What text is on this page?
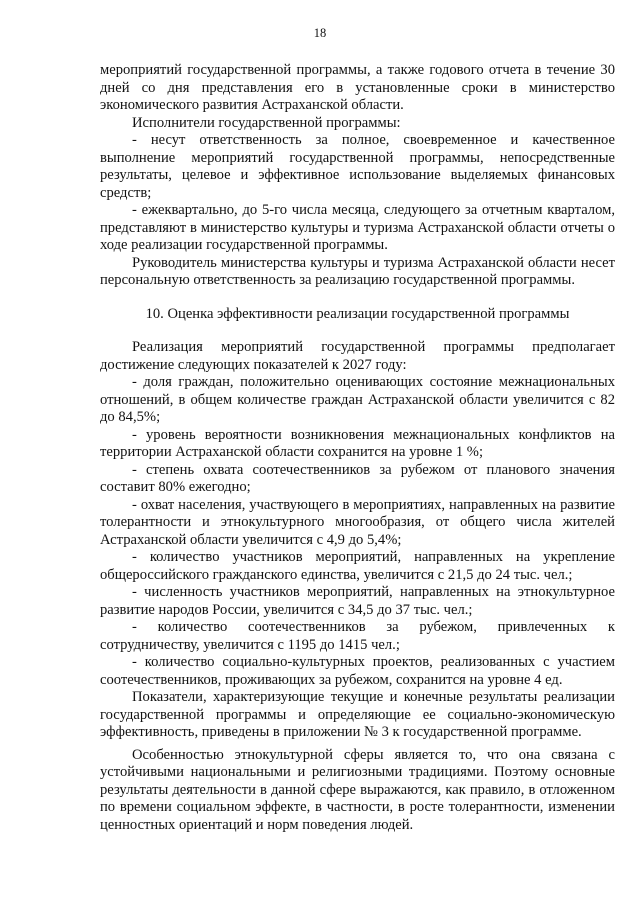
18

мероприятий государственной программы, а также годового отчета в течение 30 дней со дня представления его в установленные сроки в министерство экономического развития Астраханской области.

Исполнители государственной программы:

- несут ответственность за полное, своевременное и качественное выполнение мероприятий государственной программы, непосредственные результаты, целевое и эффективное использование выделяемых финансовых средств;

- ежеквартально, до 5-го числа месяца, следующего за отчетным кварталом, представляют в министерство культуры и туризма Астраханской области отчеты о ходе реализации государственной программы.

Руководитель министерства культуры и туризма Астраханской области несет персональную ответственность за реализацию государственной программы.

10. Оценка эффективности реализации государственной программы

Реализация мероприятий государственной программы предполагает достижение следующих показателей к 2027 году:

- доля граждан, положительно оценивающих состояние межнациональных отношений, в общем количестве граждан Астраханской области увеличится с 82 до 84,5%;

- уровень вероятности возникновения межнациональных конфликтов на территории Астраханской области сохранится на уровне 1 %;

- степень охвата соотечественников за рубежом от планового значения составит 80% ежегодно;

- охват населения, участвующего в мероприятиях, направленных на развитие толерантности и этнокультурного многообразия, от общего числа жителей Астраханской области увеличится с 4,9 до 5,4%;

- количество участников мероприятий, направленных на укрепление общероссийского гражданского единства, увеличится с 21,5 до 24 тыс. чел.;

- численность участников мероприятий, направленных на этнокультурное развитие народов России, увеличится с 34,5 до 37 тыс. чел.;

- количество соотечественников за рубежом, привлеченных к сотрудничеству, увеличится с 1195 до 1415 чел.;

- количество социально-культурных проектов, реализованных с участием соотечественников, проживающих за рубежом, сохранится на уровне 4 ед.

Показатели, характеризующие текущие и конечные результаты реализации государственной программы и определяющие ее социально-экономическую эффективность, приведены в приложении № 3 к государственной программе.

Особенностью этнокультурной сферы является то, что она связана с устойчивыми национальными и религиозными традициями. Поэтому основные результаты деятельности в данной сфере выражаются, как правило, в отложенном по времени социальном эффекте, в частности, в росте толерантности, изменении ценностных ориентаций и норм поведения людей.
